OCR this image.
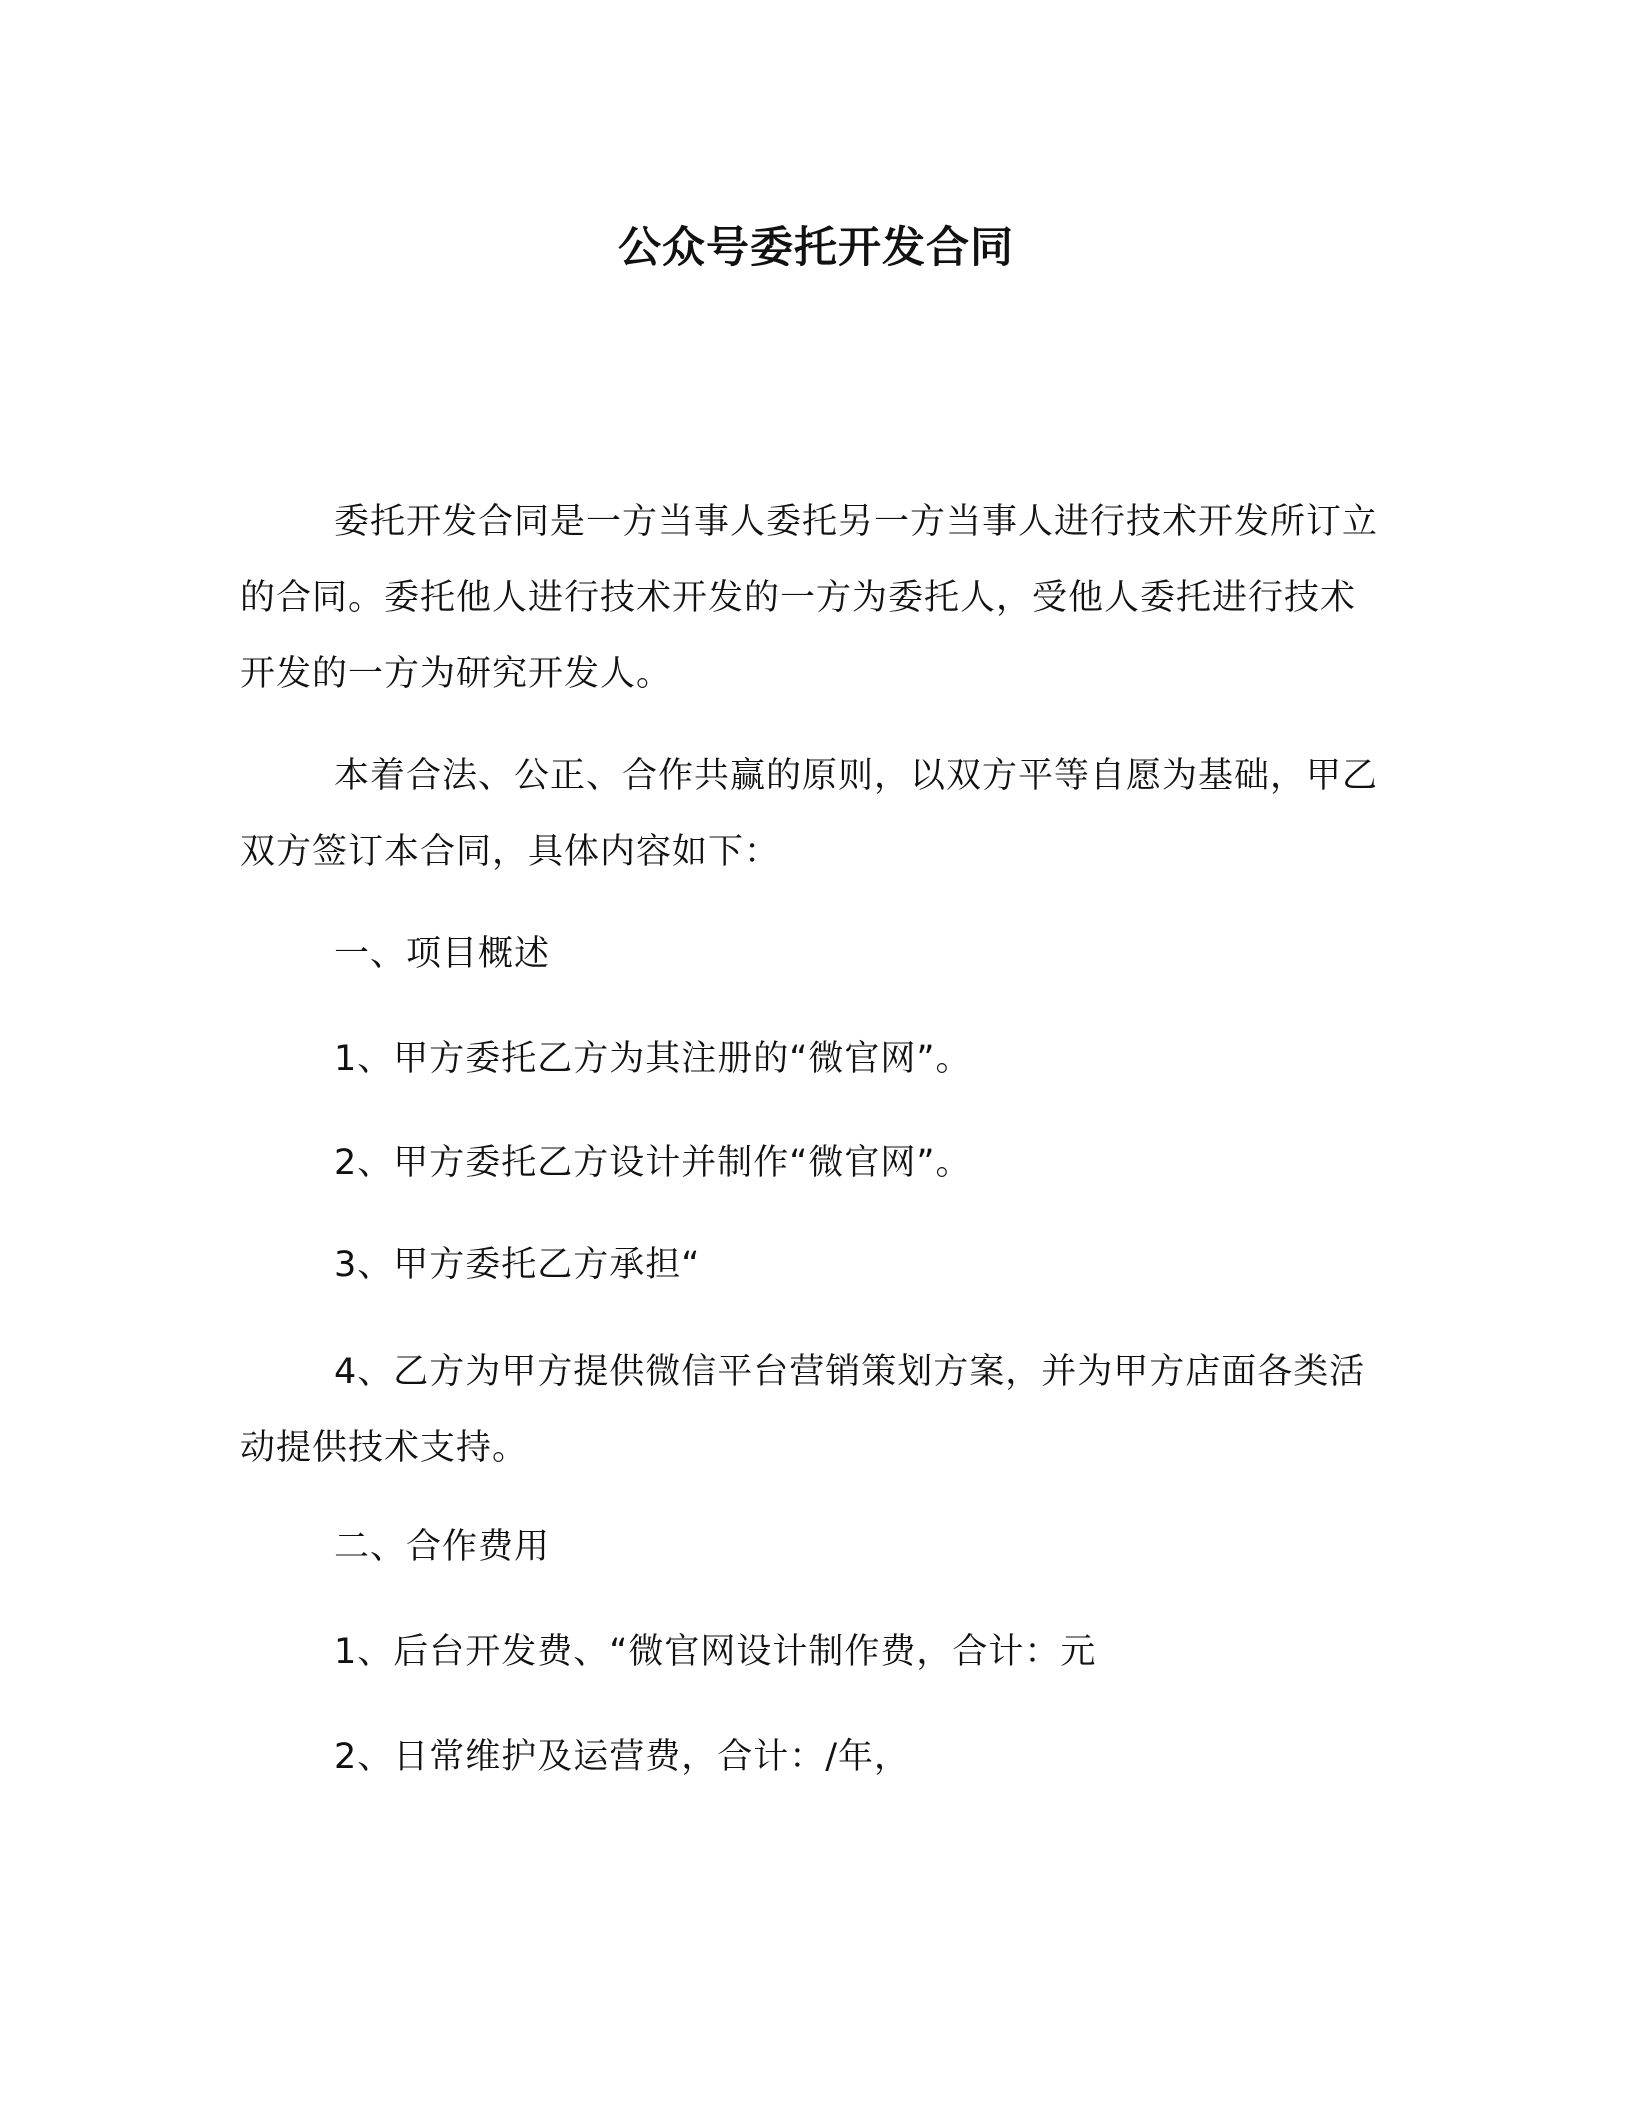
公众号委托开发合同
委托开发合同是一方当事人委托另一方当事人进行技术开发所订立的合同。委托他人进行技术开发的一方为委托人，受他人委托进行技术开发的一方为研究开发人。
本着合法、公正、合作共赢的原则，以双方平等自愿为基础，甲乙双方签订本合同，具体内容如下：
一、项目概述
1、甲方委托乙方为其注册的“微官网”。
2、甲方委托乙方设计并制作“微官网”。
3、甲方委托乙方承担“
4、乙方为甲方提供微信平台营销策划方案，并为甲方店面各类活动提供技术支持。
二、合作费用
1、后台开发费、“微官网设计制作费，合计：元
2、日常维护及运营费，合计：/年，
